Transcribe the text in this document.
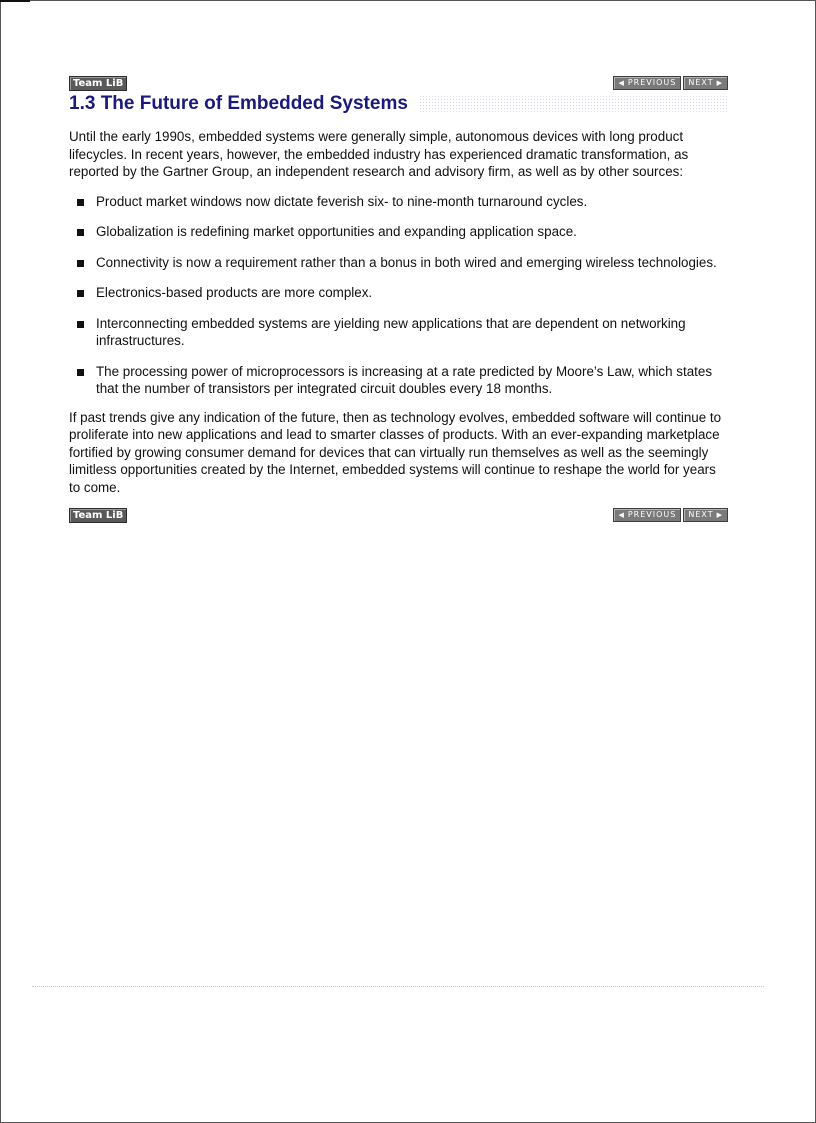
Team LiB	◀ PREVIOUS NEXT ▶
1.3 The Future of Embedded Systems

Until the early 1990s, embedded systems were generally simple, autonomous devices with long product lifecycles. In recent years, however, the embedded industry has experienced dramatic transformation, as reported by the Gartner Group, an independent research and advisory firm, as well as by other sources:

Product market windows now dictate feverish six- to nine-month turnaround cycles.
Globalization is redefining market opportunities and expanding application space.
Connectivity is now a requirement rather than a bonus in both wired and emerging wireless technologies.
Electronics-based products are more complex.
Interconnecting embedded systems are yielding new applications that are dependent on networking infrastructures.
The processing power of microprocessors is increasing at a rate predicted by Moore’s Law, which states that the number of transistors per integrated circuit doubles every 18 months.

If past trends give any indication of the future, then as technology evolves, embedded software will continue to proliferate into new applications and lead to smarter classes of products. With an ever-expanding marketplace fortified by growing consumer demand for devices that can virtually run themselves as well as the seemingly limitless opportunities created by the Internet, embedded systems will continue to reshape the world for years to come.

Team LiB	◀ PREVIOUS NEXT ▶
